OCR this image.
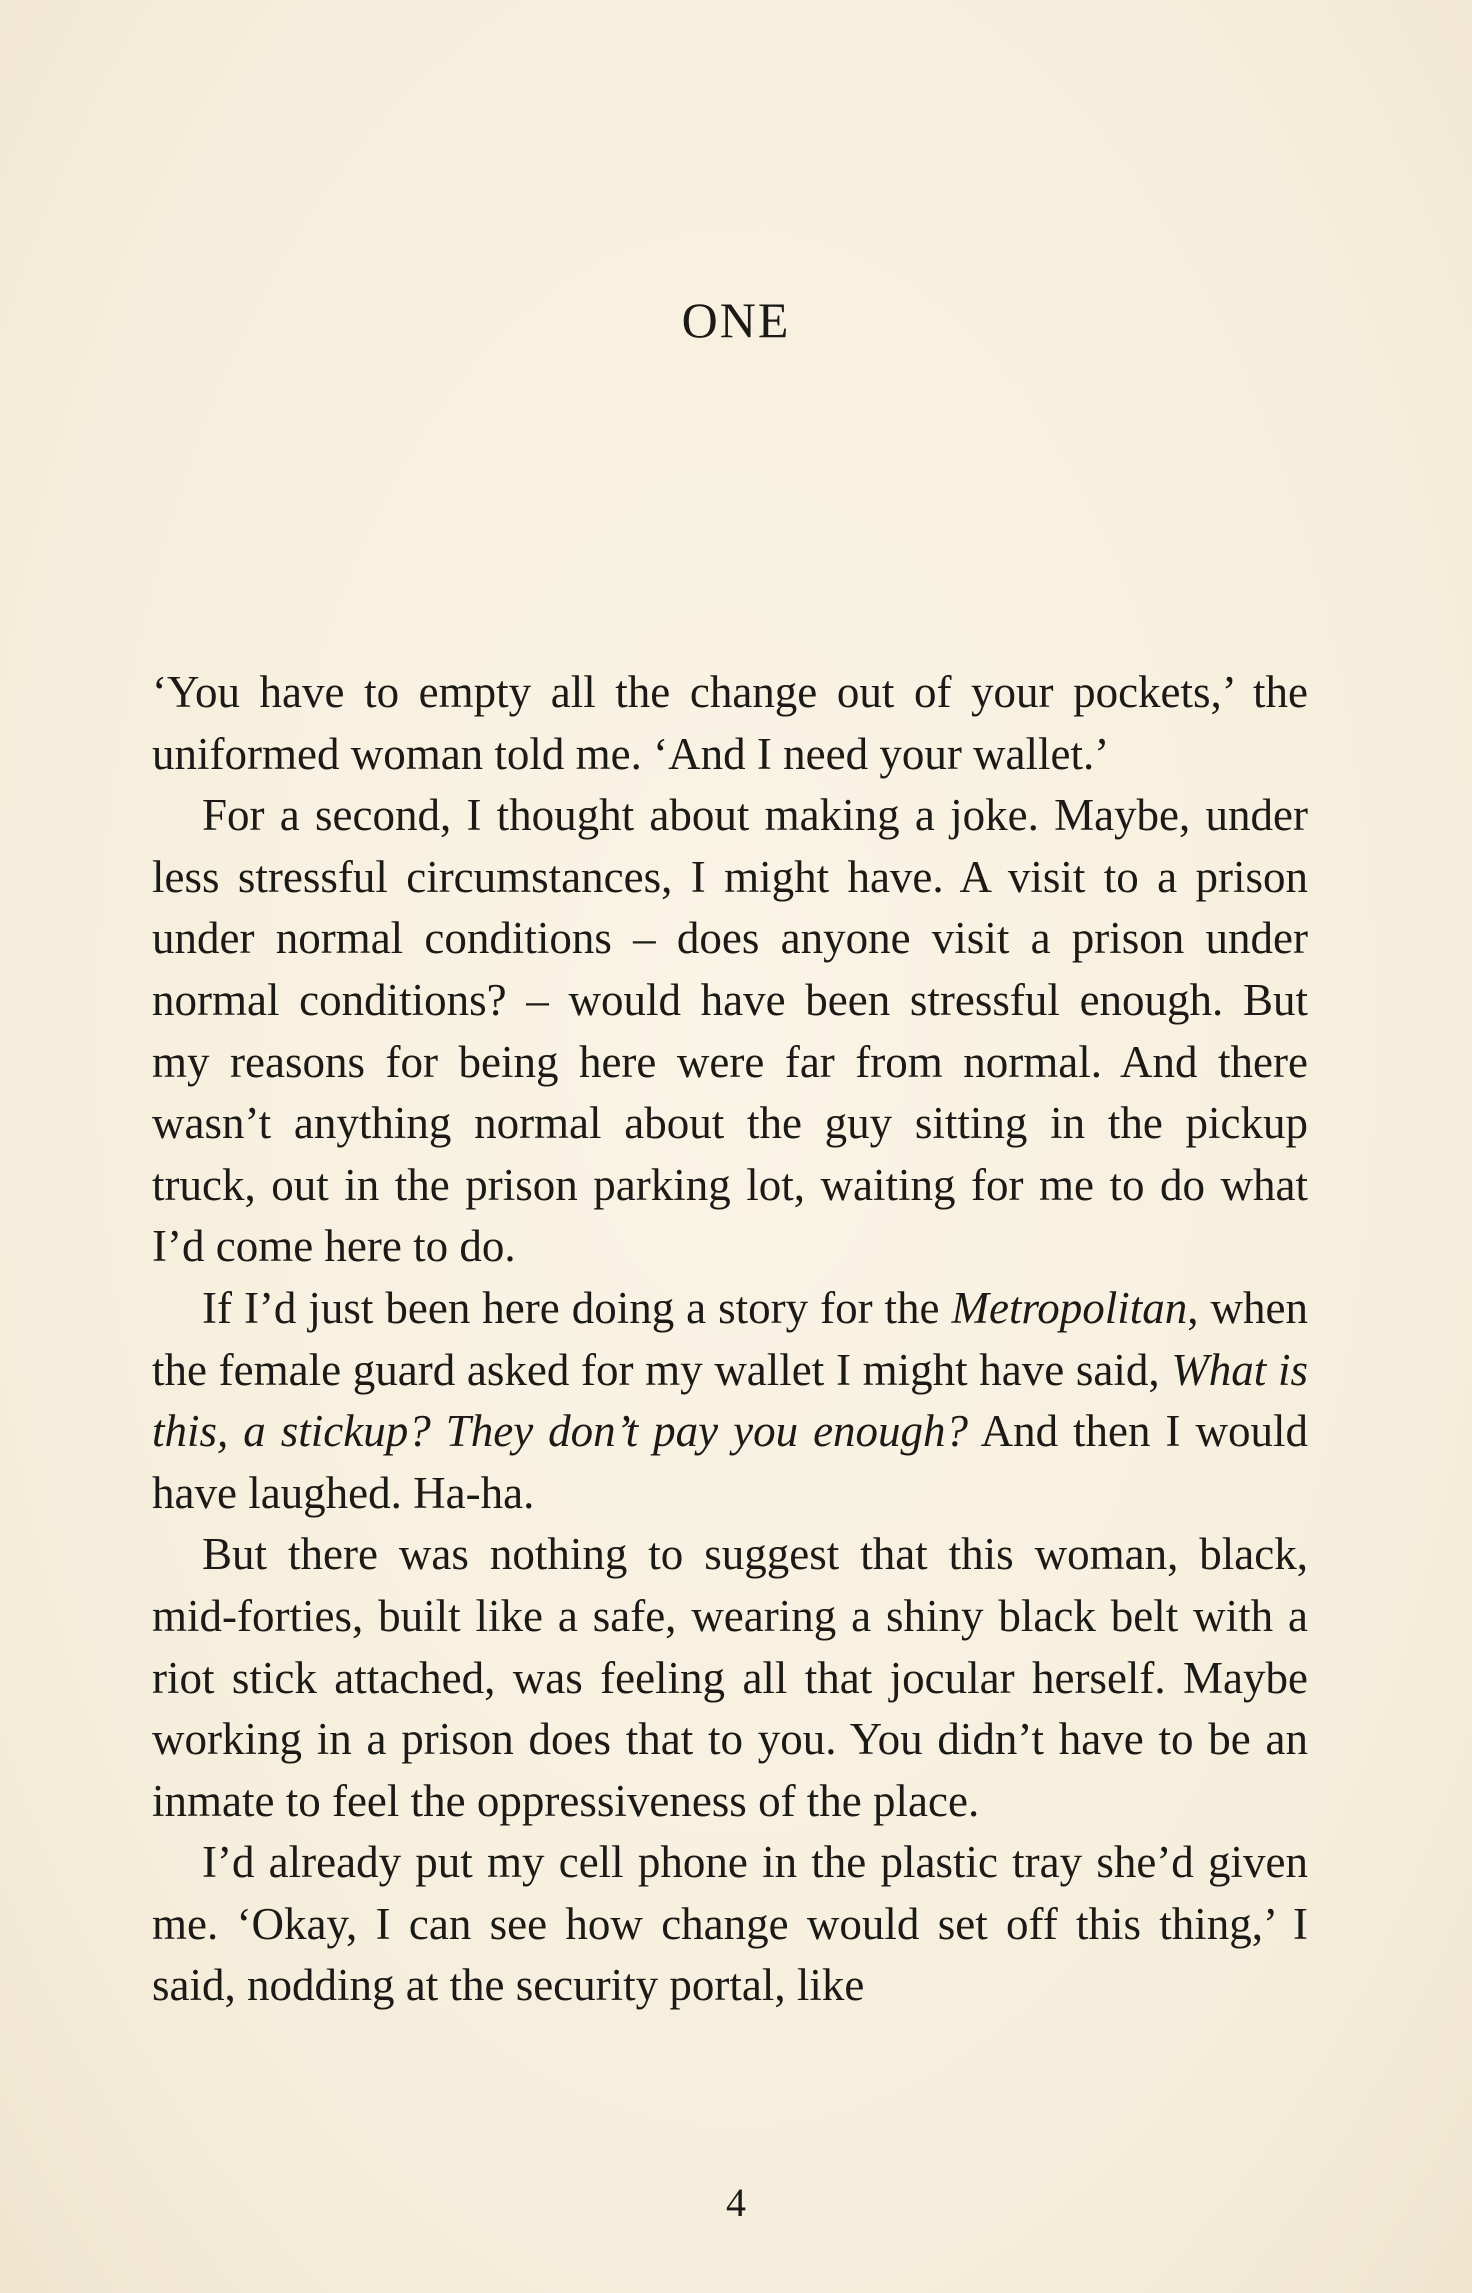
ONE

‘You have to empty all the change out of your pockets,’ the uniformed woman told me. ‘And I need your wallet.’

For a second, I thought about making a joke. Maybe, under less stressful circumstances, I might have. A visit to a prison under normal conditions – does anyone visit a prison under normal conditions? – would have been stressful enough. But my reasons for being here were far from normal. And there wasn’t anything normal about the guy sitting in the pickup truck, out in the prison parking lot, waiting for me to do what I’d come here to do.

If I’d just been here doing a story for the Metropolitan, when the female guard asked for my wallet I might have said, What is this, a stickup? They don’t pay you enough? And then I would have laughed. Ha-ha.

But there was nothing to suggest that this woman, black, mid-forties, built like a safe, wearing a shiny black belt with a riot stick attached, was feeling all that jocular herself. Maybe working in a prison does that to you. You didn’t have to be an inmate to feel the oppressiveness of the place.

I’d already put my cell phone in the plastic tray she’d given me. ‘Okay, I can see how change would set off this thing,’ I said, nodding at the security portal, like

4
